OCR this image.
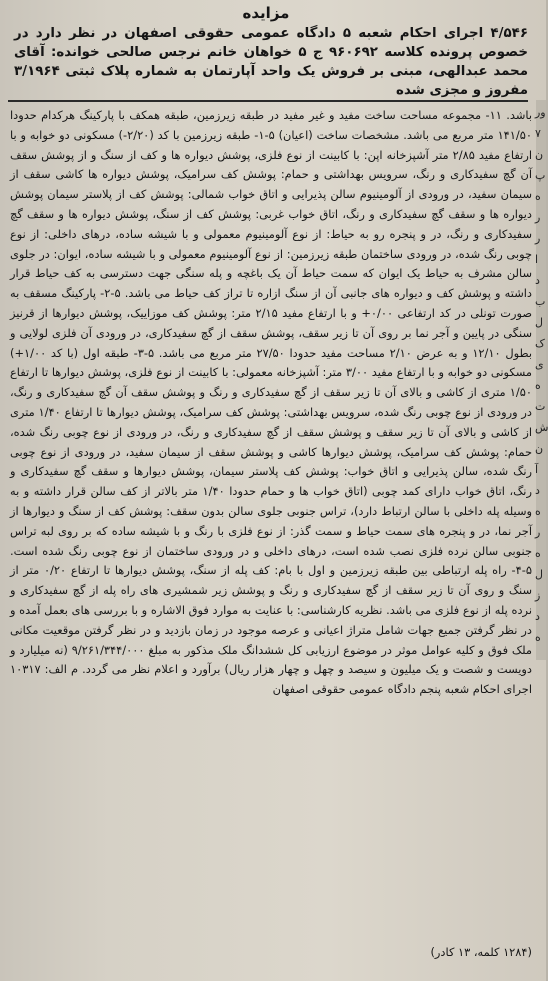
مزایده
۴/۵۴۶ اجرای احکام شعبه ۵ دادگاه عمومی حقوقی اصفهان در نظر دارد در خصوص پرونده کلاسه ۹۶۰۶۹۲ ج ۵ خواهان خانم نرجس صالحی خوانده: آقای محمد عبدالهی، مبنی بر فروش یک واحد آپارتمان به شماره پلاک ثبتی ۳/۱۹۶۴ مفروز و مجزی شده
باشد. ۱۱- مجموعه مساحت ساخت مفید و غیر مفید در طبقه زیرزمین، طبقه همکف با پارکینگ هرکدام حدودا ۱۴۱/۵۰ متر مربع می باشد. مشخصات ساخت (اعیان) ۵-۱- طبقه زیرزمین با کد (۲/۲۰-) مسکونی دو خوابه و با ارتفاع مفید ۲/۸۵ متر آشپزخانه اپن: با کابینت از نوع فلزی، پوشش دیواره ها و کف از سنگ و از پوشش سقف آن گچ سفیدکاری و رنگ، سرویس بهداشتی و حمام: پوشش کف سرامیک، پوشش دیواره ها کاشی سقف از سیمان سفید، در ورودی از آلومینیوم سالن پذیرایی و اتاق خواب شمالی: پوشش کف از پلاستر سیمان پوشش دیواره ها و سقف گچ سفیدکاری و رنگ، اتاق خواب غربی: پوشش کف از سنگ، پوشش دیواره ها و سقف گچ سفیدکاری و رنگ، در و پنجره رو به حیاط: از نوع آلومینیوم معمولی و با شیشه ساده، درهای داخلی: از نوع چوبی رنگ شده، در ورودی ساختمان طبقه زیرزمین: از نوع آلومینیوم معمولی و با شیشه ساده، ایوان: در جلوی سالن مشرف به حیاط یک ایوان که سمت حیاط آن یک باغچه و پله سنگی جهت دسترسی به کف حیاط قرار داشته و پوشش کف و دیواره های جانبی آن از سنگ ازاره تا تراز کف حیاط می باشد. ۵-۲- پارکینگ مسقف به صورت تونلی در کد ارتفاعی ۰/۰۰+ و با ارتفاع مفید ۲/۱۵ متر: پوشش کف موزاییک، پوشش دیوارها از قرنیز سنگی در پایین و آجر نما بر روی آن تا زیر سقف، پوشش سقف از گچ سفیدکاری، در ورودی آن فلزی لولایی و بطول ۱۲/۱۰ و به عرض ۲/۱۰ مساحت مفید حدودا ۲۷/۵۰ متر مربع می باشد. ۵-۳- طبقه اول (با کد ۱/۰۰+) مسکونی دو خوابه و با ارتفاع مفید ۳/۰۰ متر: آشپزخانه معمولی: با کابینت از نوع فلزی، پوشش دیوارها تا ارتفاع ۱/۵۰ متری از کاشی و بالای آن تا زیر سقف از گچ سفیدکاری و رنگ و پوشش سقف آن گچ سفیدکاری و رنگ، در ورودی از نوع چوبی رنگ شده، سرویس بهداشتی: پوشش کف سرامیک، پوشش دیوارها تا ارتفاع ۱/۴۰ متری از کاشی و بالای آن تا زیر سقف و پوشش سقف از گچ سفیدکاری و رنگ، در ورودی از نوع چوبی رنگ شده، حمام: پوشش کف سرامیک، پوشش دیوارها کاشی و پوشش سقف از سیمان سفید، در ورودی از نوع چوبی رنگ شده، سالن پذیرایی و اتاق خواب: پوشش کف پلاستر سیمان، پوشش دیوارها و سقف گچ سفیدکاری و رنگ، اتاق خواب دارای کمد چوبی (اتاق خواب ها و حمام حدودا ۱/۴۰ متر بالاتر از کف سالن قرار داشته و به وسیله پله داخلی با سالن ارتباط دارد)، تراس جنوبی جلوی سالن بدون سقف: پوشش کف از سنگ و دیوارها از آجر نما، در و پنجره های سمت حیاط و سمت گذر: از نوع فلزی با رنگ و با شیشه ساده که بر روی لبه تراس جنوبی سالن نرده فلزی نصب شده است، درهای داخلی و در ورودی ساختمان از نوع چوبی رنگ شده است. ۵-۴- راه پله ارتباطی بین طبقه زیرزمین و اول با بام: کف پله از سنگ، پوشش دیوارها تا ارتفاع ۰/۲۰ متر از سنگ و روی آن تا زیر سقف از گچ سفیدکاری و رنگ و پوشش زیر شمشیری های راه پله از گچ سفیدکاری و نرده پله از نوع فلزی می باشد. نظریه کارشناسی: با عنایت به موارد فوق الاشاره و با بررسی های بعمل آمده و در نظر گرفتن جمیع جهات شامل متراژ اعیانی و عرصه موجود در زمان بازدید و در نظر گرفتن موقعیت مکانی ملک فوق و کلیه عوامل موثر در موضوع ارزیابی کل ششدانگ ملک مذکور به مبلغ ۹/۲۶۱/۳۴۴/۰۰۰ (نه میلیارد و دویست و شصت و یک میلیون و سیصد و چهل و چهار هزار ریال) برآورد و اعلام نظر می گردد. م الف: ۱۰۳۱۷ اجرای احکام شعبه پنجم دادگاه عمومی حقوقی اصفهان
(۱۲۸۴ کلمه، ۱۳ کادر)
ور
۷
ن
پ
ه
ر
ر
ا
د
ب
ل
ک
ی
ه
ت
ش
ن
آ
د
ه
ر
ه
ل
ز
د
ه
